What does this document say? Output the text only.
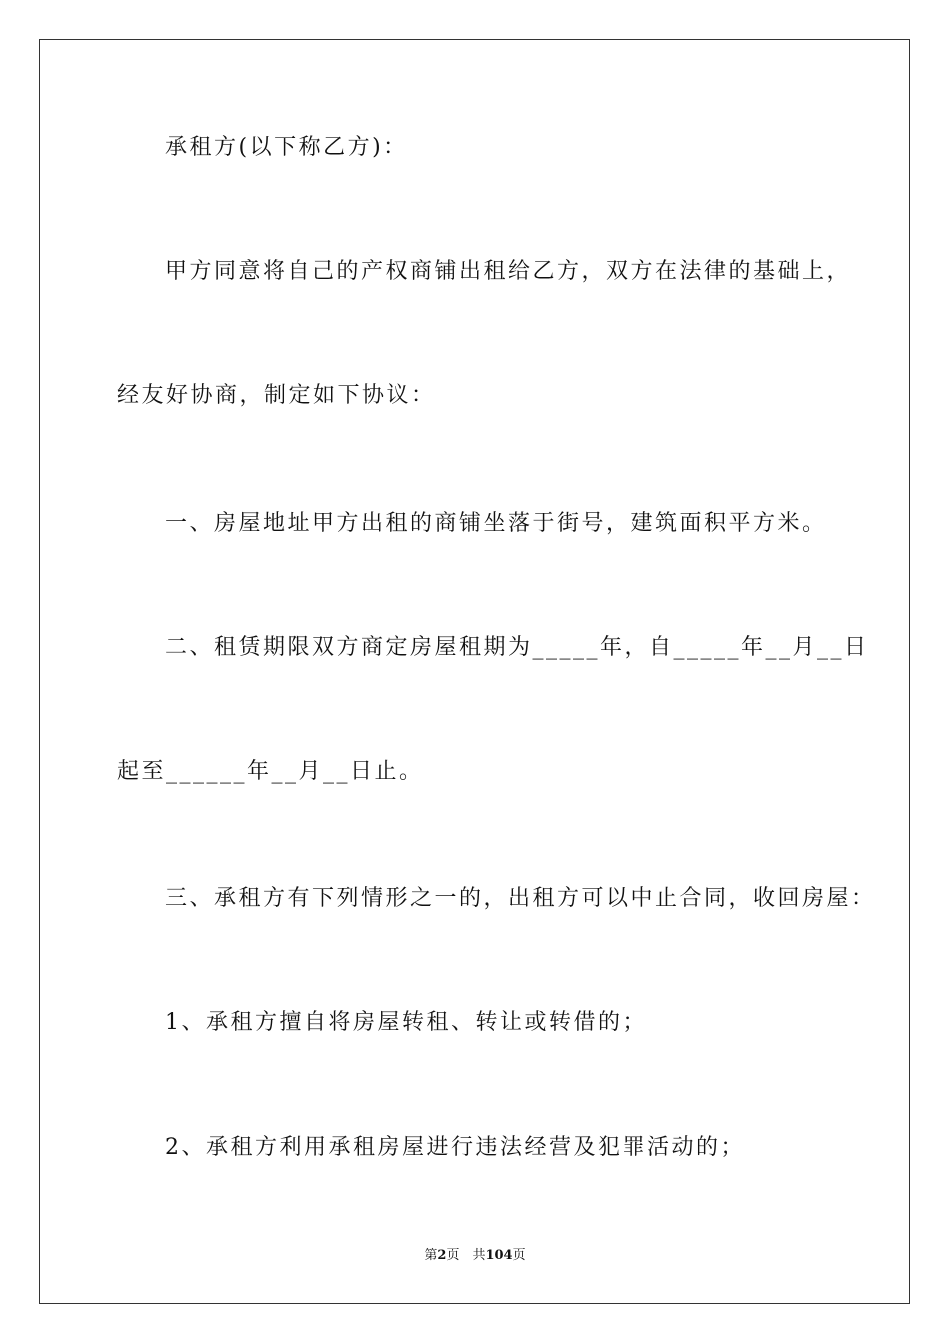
承租方(以下称乙方)：

甲方同意将自己的产权商铺出租给乙方，双方在法律的基础上，

经友好协商，制定如下协议：

一、房屋地址甲方出租的商铺坐落于街号，建筑面积平方米。

二、租赁期限双方商定房屋租期为_____年，自_____年__月__日

起至______年__月__日止。

三、承租方有下列情形之一的，出租方可以中止合同，收回房屋：

1、承租方擅自将房屋转租、转让或转借的；

2、承租方利用承租房屋进行违法经营及犯罪活动的；

第2页　共104页
